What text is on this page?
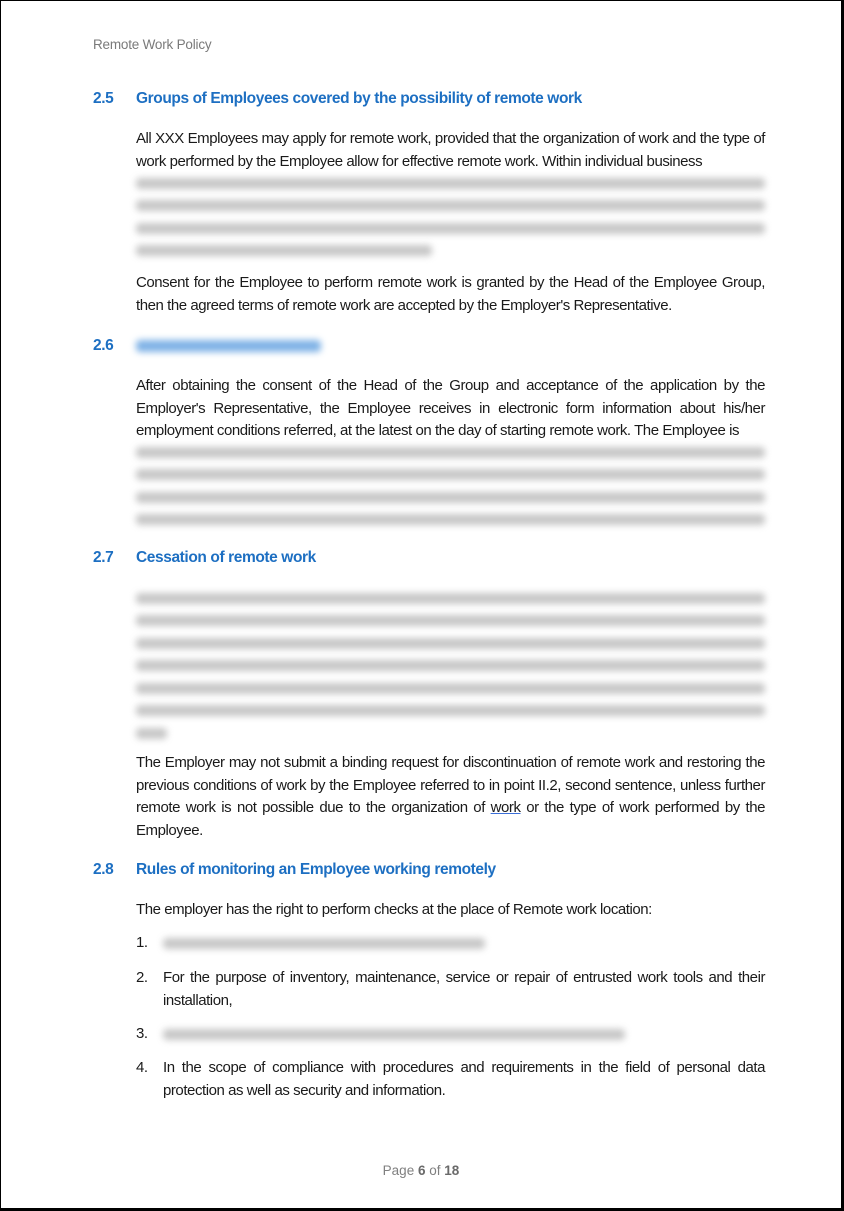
Remote Work Policy
2.5 Groups of Employees covered by the possibility of remote work
All XXX Employees may apply for remote work, provided that the organization of work and the type of work performed by the Employee allow for effective remote work. Within individual business
Consent for the Employee to perform remote work is granted by the Head of the Employee Group, then the agreed terms of remote work are accepted by the Employer's Representative.
2.6
After obtaining the consent of the Head of the Group and acceptance of the application by the Employer's Representative, the Employee receives in electronic form information about his/her employment conditions referred, at the latest on the day of starting remote work. The Employee is
2.7 Cessation of remote work
The Employer may not submit a binding request for discontinuation of remote work and restoring the previous conditions of work by the Employee referred to in point II.2, second sentence, unless further remote work is not possible due to the organization of work or the type of work performed by the Employee.
2.8 Rules of monitoring an Employee working remotely
The employer has the right to perform checks at the place of Remote work location:
1.
2. For the purpose of inventory, maintenance, service or repair of entrusted work tools and their installation,
3.
4. In the scope of compliance with procedures and requirements in the field of personal data protection as well as security and information.
Page 6 of 18
